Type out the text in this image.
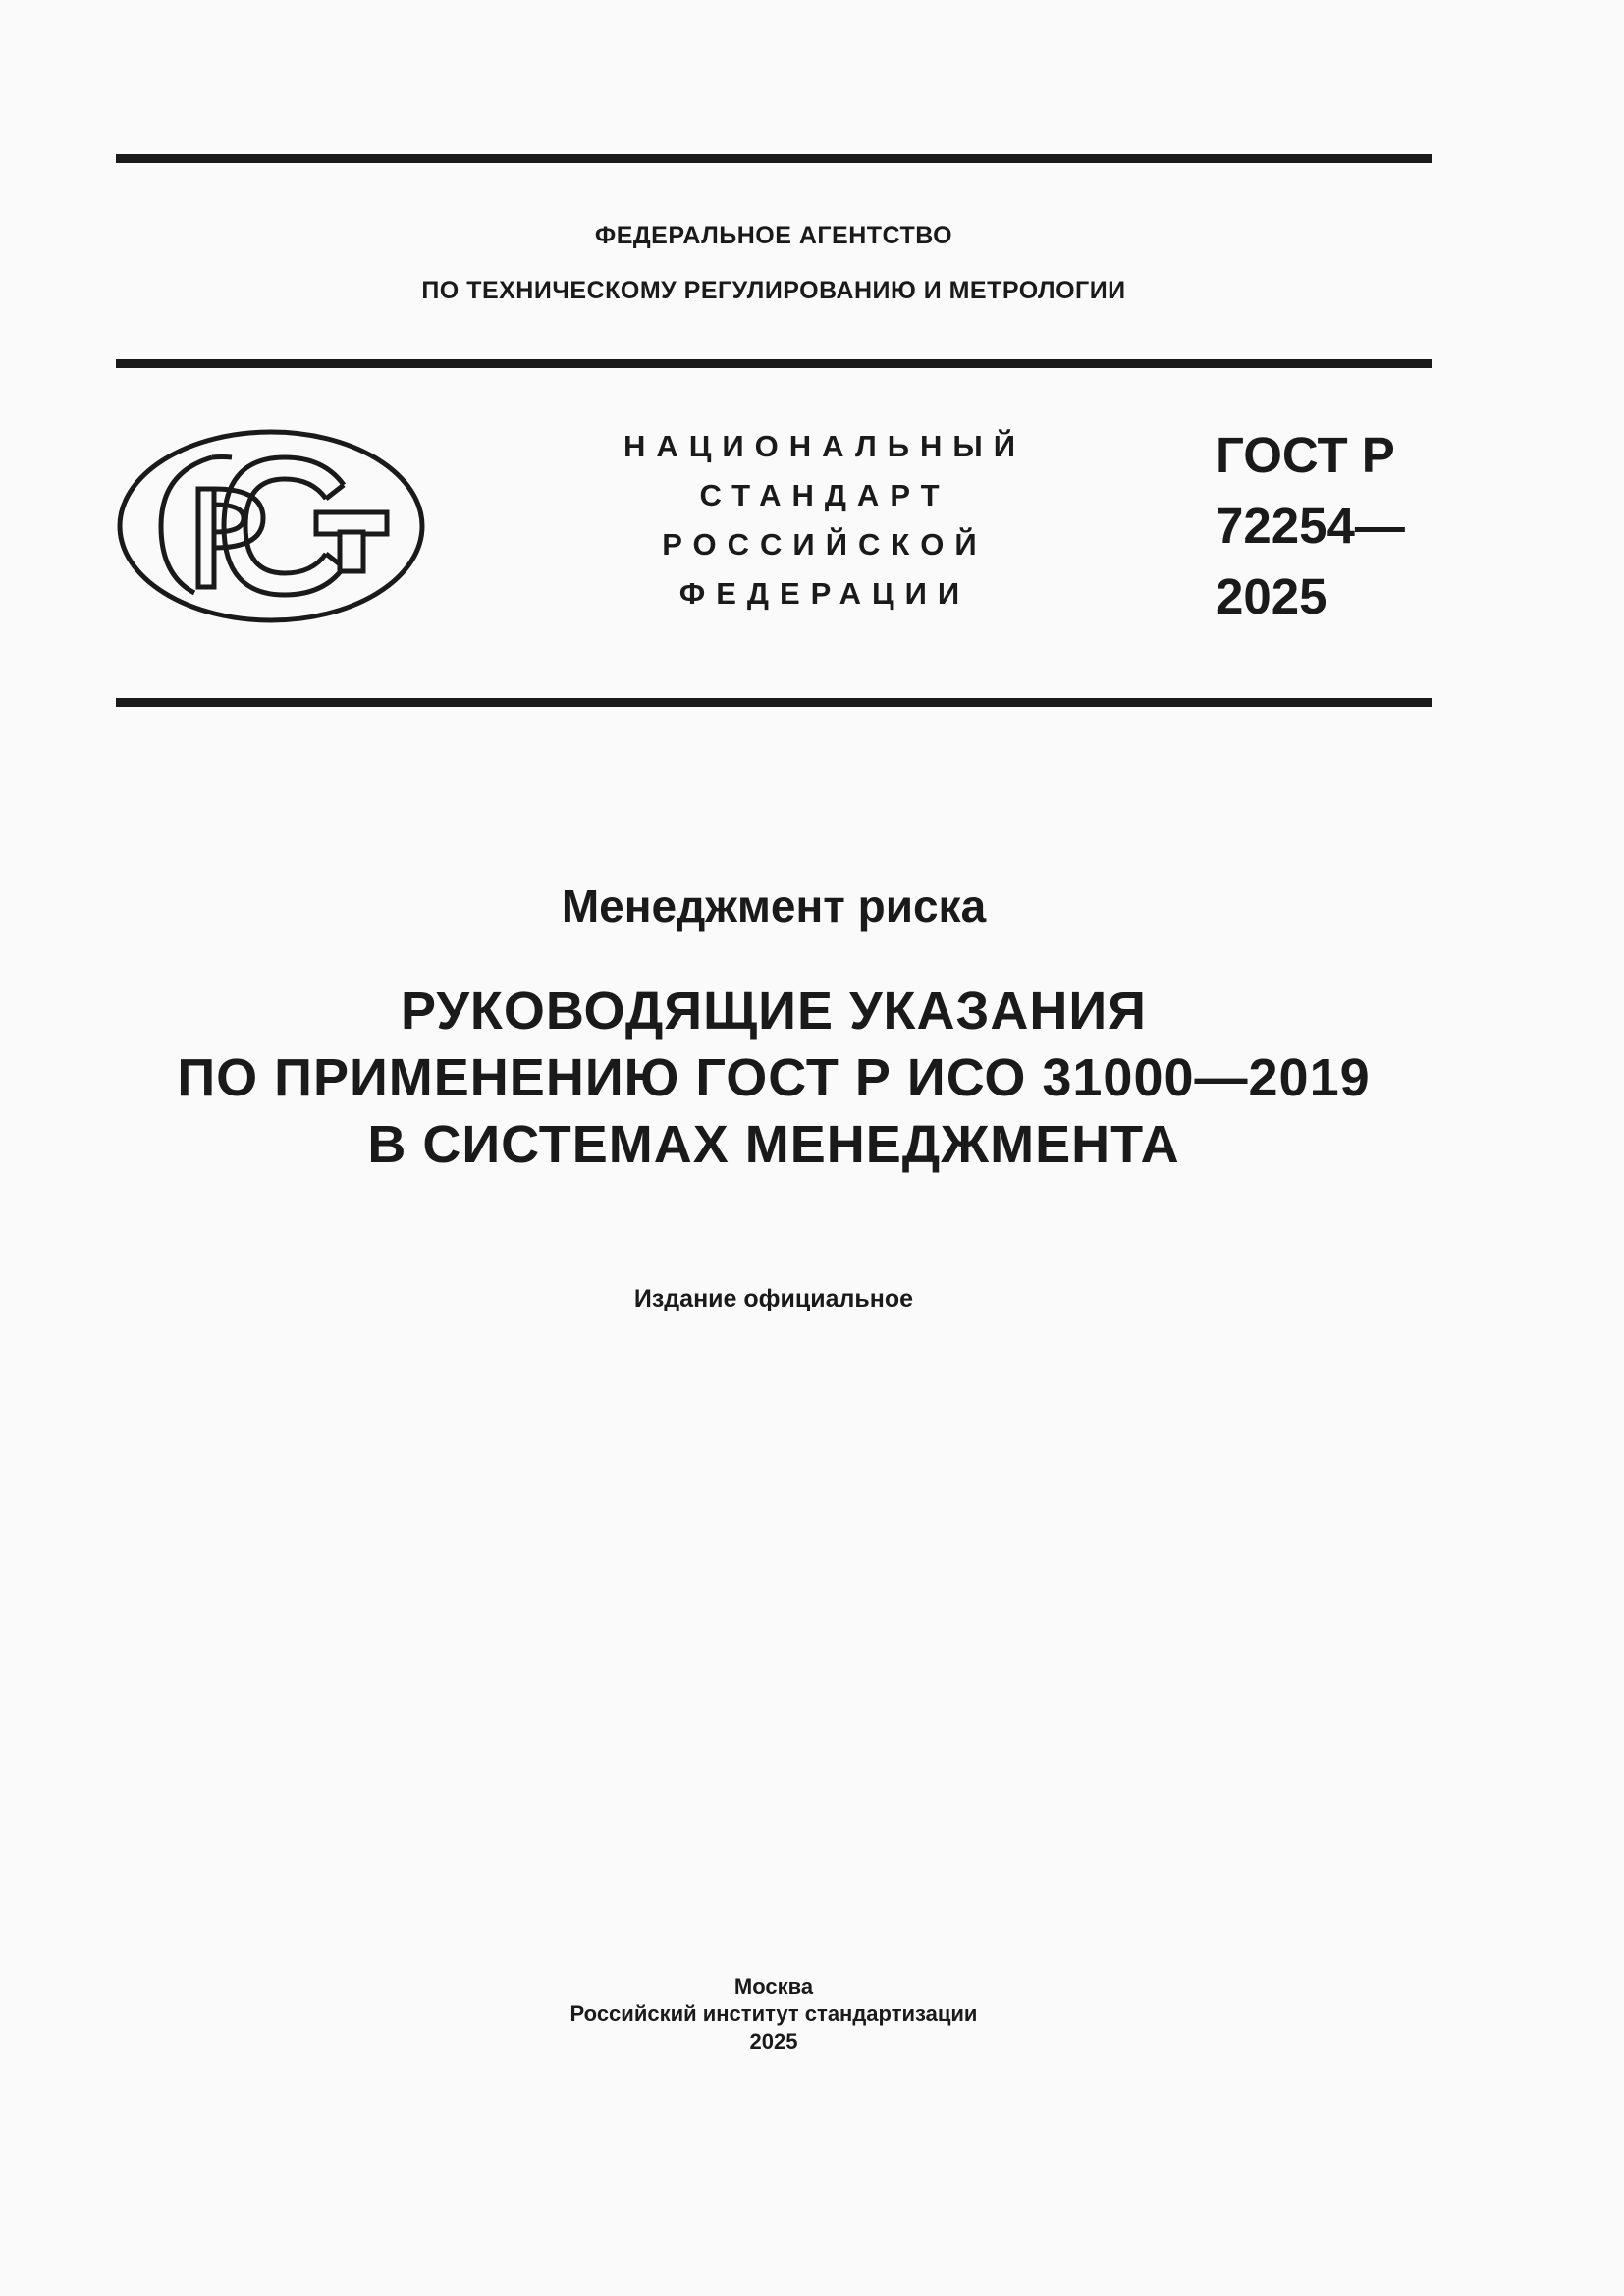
ФЕДЕРАЛЬНОЕ АГЕНТСТВО
ПО ТЕХНИЧЕСКОМУ РЕГУЛИРОВАНИЮ И МЕТРОЛОГИИ
НАЦИОНАЛЬНЫЙ
СТАНДАРТ
РОССИЙСКОЙ
ФЕДЕРАЦИИ
ГОСТ Р
72254—
2025
Менеджмент риска
РУКОВОДЯЩИЕ УКАЗАНИЯ
ПО ПРИМЕНЕНИЮ ГОСТ Р ИСО 31000—2019
В СИСТЕМАХ МЕНЕДЖМЕНТА
Издание официальное
Москва
Российский институт стандартизации
2025
